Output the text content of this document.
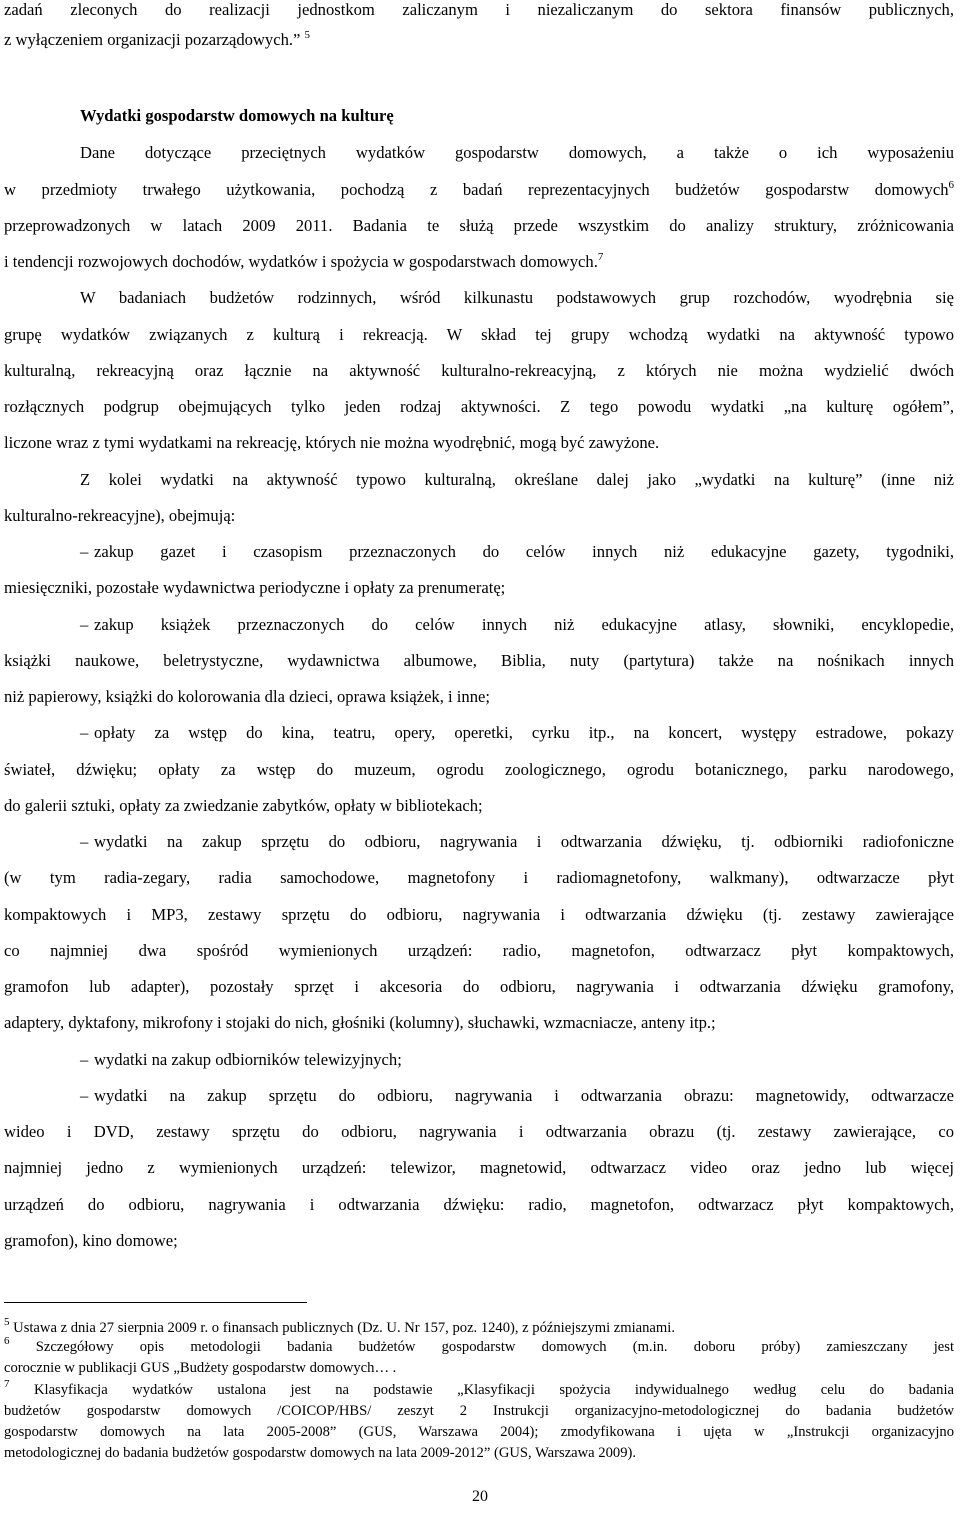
zadań zleconych do realizacji jednostkom zaliczanym i niezaliczanym do sektora finansów publicznych,
z wyłączeniem organizacji pozarządowych.” $^5$
Wydatki gospodarstw domowych na kulturę
Dane dotyczące przeciętnych wydatków gospodarstw domowych, a także o ich wyposażeniu
w przedmioty trwałego użytkowania, pochodzą z badań reprezentacyjnych budżetów gospodarstw domowych$^6$
przeprowadzonych w latach 2009 2011. Badania te służą przede wszystkim do analizy struktury, zróżnicowania
i tendencji rozwojowych dochodów, wydatków i spożycia w gospodarstwach domowych.$^7$
W badaniach budżetów rodzinnych, wśród kilkunastu podstawowych grup rozchodów, wyodrębnia się
grupę wydatków związanych z kulturą i rekreacją. W skład tej grupy wchodzą wydatki na aktywność typowo
kulturalną, rekreacyjną oraz łącznie na aktywność kulturalno-rekreacyjną, z których nie można wydzielić dwóch
rozłącznych podgrup obejmujących tylko jeden rodzaj aktywności. Z tego powodu wydatki „na kulturę ogółem”,
liczone wraz z tymi wydatkami na rekreację, których nie można wyodrębnić, mogą być zawyżone.
Z kolei wydatki na aktywność typowo kulturalną, określane dalej jako „wydatki na kulturę” (inne niż
kulturalno-rekreacyjne), obejmują:
– zakup gazet i czasopism przeznaczonych do celów innych niż edukacyjne gazety, tygodniki,
miesięczniki, pozostałe wydawnictwa periodyczne i opłaty za prenumeratę;
– zakup książek przeznaczonych do celów innych niż edukacyjne atlasy, słowniki, encyklopedie,
książki naukowe, beletrystyczne, wydawnictwa albumowe, Biblia, nuty (partytura) także na nośnikach innych
niż papierowy, książki do kolorowania dla dzieci, oprawa książek, i inne;
– opłaty za wstęp do kina, teatru, opery, operetki, cyrku itp., na koncert, występy estradowe, pokazy
świateł, dźwięku; opłaty za wstęp do muzeum, ogrodu zoologicznego, ogrodu botanicznego, parku narodowego,
do galerii sztuki, opłaty za zwiedzanie zabytków, opłaty w bibliotekach;
– wydatki na zakup sprzętu do odbioru, nagrywania i odtwarzania dźwięku, tj. odbiorniki radiofoniczne
(w tym radia-zegary, radia samochodowe, magnetofony i radiomagnetofony, walkmany), odtwarzacze płyt
kompaktowych i MP3, zestawy sprzętu do odbioru, nagrywania i odtwarzania dźwięku (tj. zestawy zawierające
co najmniej dwa spośród wymienionych urządzeń: radio, magnetofon, odtwarzacz płyt kompaktowych,
gramofon lub adapter), pozostały sprzęt i akcesoria do odbioru, nagrywania i odtwarzania dźwięku gramofony,
adaptery, dyktafony, mikrofony i stojaki do nich, głośniki (kolumny), słuchawki, wzmacniacze, anteny itp.;
– wydatki na zakup odbiorników telewizyjnych;
– wydatki na zakup sprzętu do odbioru, nagrywania i odtwarzania obrazu: magnetowidy, odtwarzacze
wideo i DVD, zestawy sprzętu do odbioru, nagrywania i odtwarzania obrazu (tj. zestawy zawierające, co
najmniej jedno z wymienionych urządzeń: telewizor, magnetowid, odtwarzacz video oraz jedno lub więcej
urządzeń do odbioru, nagrywania i odtwarzania dźwięku: radio, magnetofon, odtwarzacz płyt kompaktowych,
gramofon), kino domowe;
$^5$ Ustawa z dnia 27 sierpnia 2009 r. o finansach publicznych (Dz. U. Nr 157, poz. 1240), z późniejszymi zmianami.
$^6$ Szczegółowy opis metodologii badania budżetów gospodarstw domowych (m.in. doboru próby) zamieszczany jest
corocznie w publikacji GUS „Budżety gospodarstw domowych… .
$^7$ Klasyfikacja wydatków ustalona jest na podstawie „Klasyfikacji spożycia indywidualnego według celu do badania
budżetów gospodarstw domowych /COICOP/HBS/ zeszyt 2 Instrukcji organizacyjno-metodologicznej do badania budżetów
gospodarstw domowych na lata 2005-2008” (GUS, Warszawa 2004); zmodyfikowana i ujęta w „Instrukcji organizacyjno
metodologicznej do badania budżetów gospodarstw domowych na lata 2009-2012” (GUS, Warszawa 2009).
20
